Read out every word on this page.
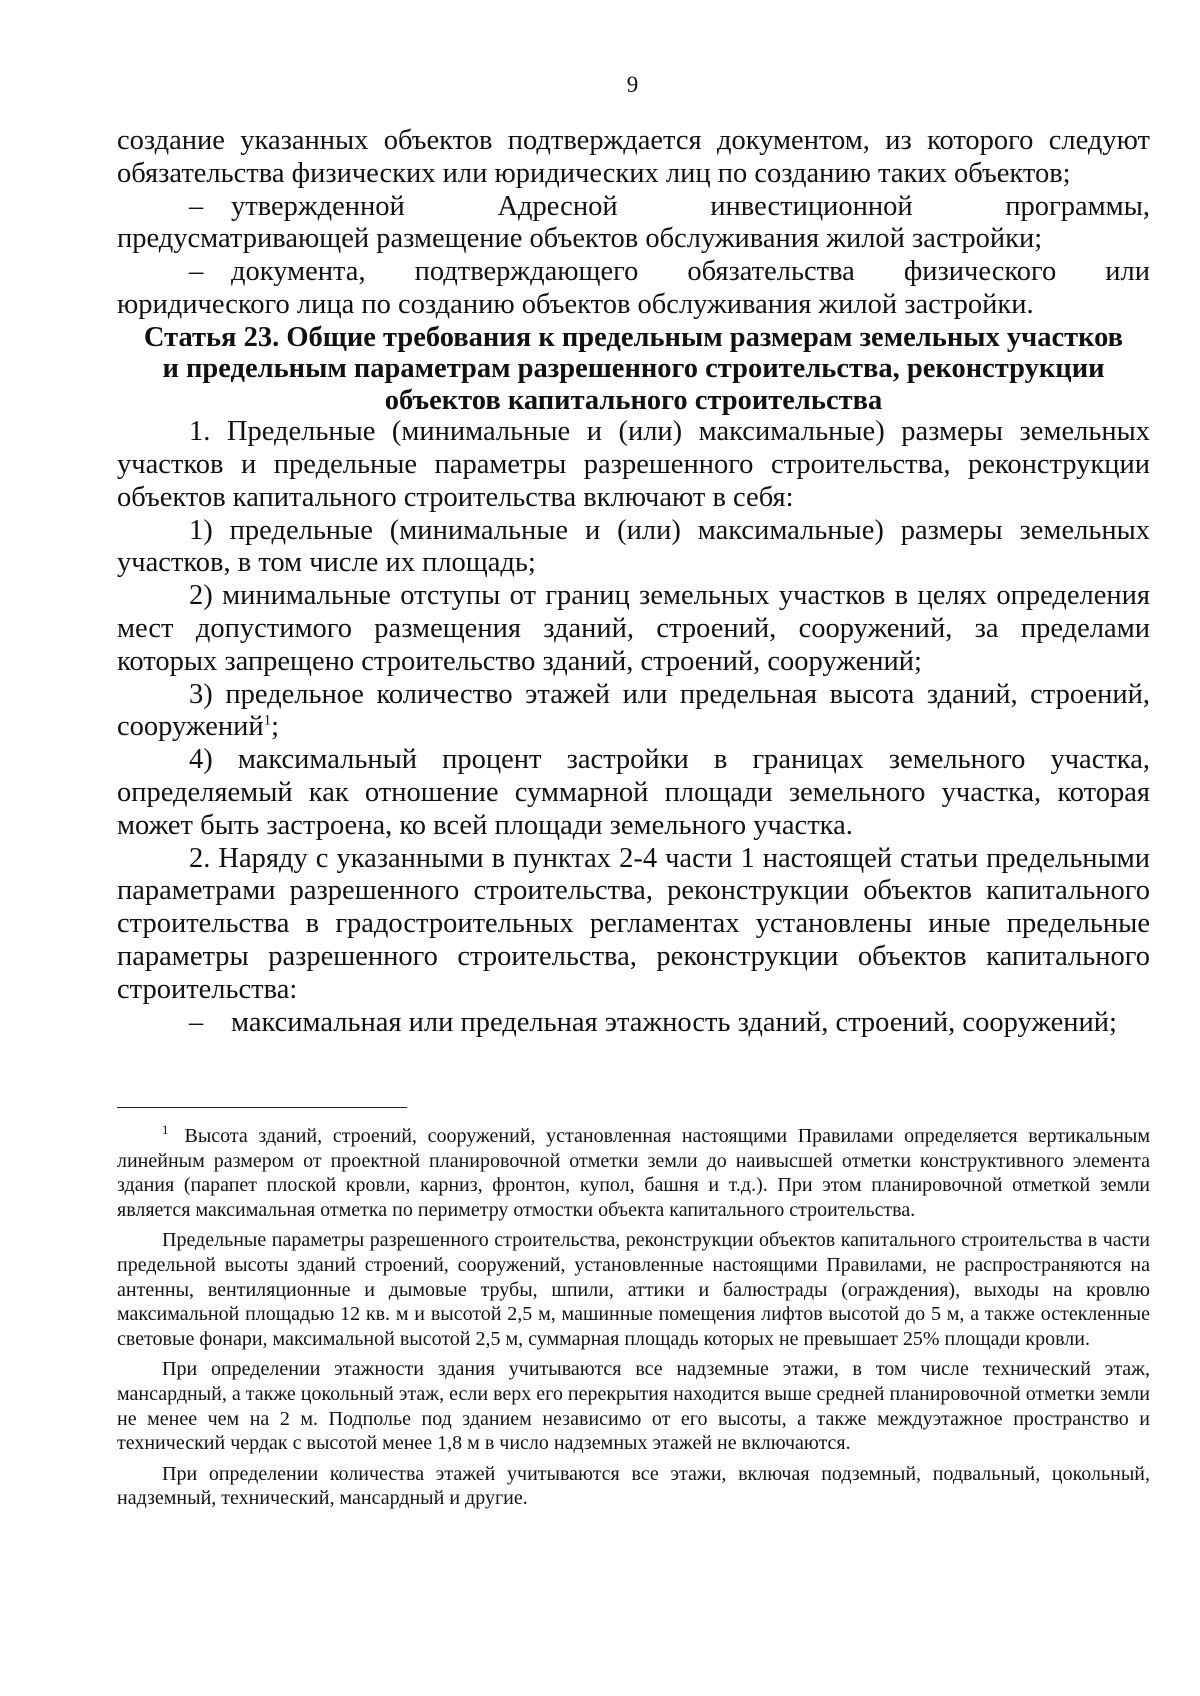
9

создание указанных объектов подтверждается документом, из которого следуют обязательства физических или юридических лиц по созданию таких объектов;

– утвержденной Адресной инвестиционной программы, предусматривающей размещение объектов обслуживания жилой застройки;

– документа, подтверждающего обязательства физического или юридического лица по созданию объектов обслуживания жилой застройки.

Статья 23. Общие требования к предельным размерам земельных участков
и предельным параметрам разрешенного строительства, реконструкции
объектов капитального строительства

1. Предельные (минимальные и (или) максимальные) размеры земельных участков и предельные параметры разрешенного строительства, реконструкции объектов капитального строительства включают в себя:

1) предельные (минимальные и (или) максимальные) размеры земельных участков, в том числе их площадь;

2) минимальные отступы от границ земельных участков в целях определения мест допустимого размещения зданий, строений, сооружений, за пределами которых запрещено строительство зданий, строений, сооружений;

3) предельное количество этажей или предельная высота зданий, строений, сооружений$^1$;

4) максимальный процент застройки в границах земельного участка, определяемый как отношение суммарной площади земельного участка, которая может быть застроена, ко всей площади земельного участка.

2. Наряду с указанными в пунктах 2-4 части 1 настоящей статьи предельными параметрами разрешенного строительства, реконструкции объектов капитального строительства в градостроительных регламентах установлены иные предельные параметры разрешенного строительства, реконструкции объектов капитального строительства:

– максимальная или предельная этажность зданий, строений, сооружений;

$^1$ Высота зданий, строений, сооружений, установленная настоящими Правилами определяется вертикальным линейным размером от проектной планировочной отметки земли до наивысшей отметки конструктивного элемента здания (парапет плоской кровли, карниз, фронтон, купол, башня и т.д.). При этом планировочной отметкой земли является максимальная отметка по периметру отмостки объекта капитального строительства.

Предельные параметры разрешенного строительства, реконструкции объектов капитального строительства в части предельной высоты зданий строений, сооружений, установленные настоящими Правилами, не распространяются на антенны, вентиляционные и дымовые трубы, шпили, аттики и балюстрады (ограждения), выходы на кровлю максимальной площадью 12 кв. м и высотой 2,5 м, машинные помещения лифтов высотой до 5 м, а также остекленные световые фонари, максимальной высотой 2,5 м, суммарная площадь которых не превышает 25% площади кровли.

При определении этажности здания учитываются все надземные этажи, в том числе технический этаж, мансардный, а также цокольный этаж, если верх его перекрытия находится выше средней планировочной отметки земли не менее чем на 2 м. Подполье под зданием независимо от его высоты, а также междуэтажное пространство и технический чердак с высотой менее 1,8 м в число надземных этажей не включаются.

При определении количества этажей учитываются все этажи, включая подземный, подвальный, цокольный, надземный, технический, мансардный и другие.
